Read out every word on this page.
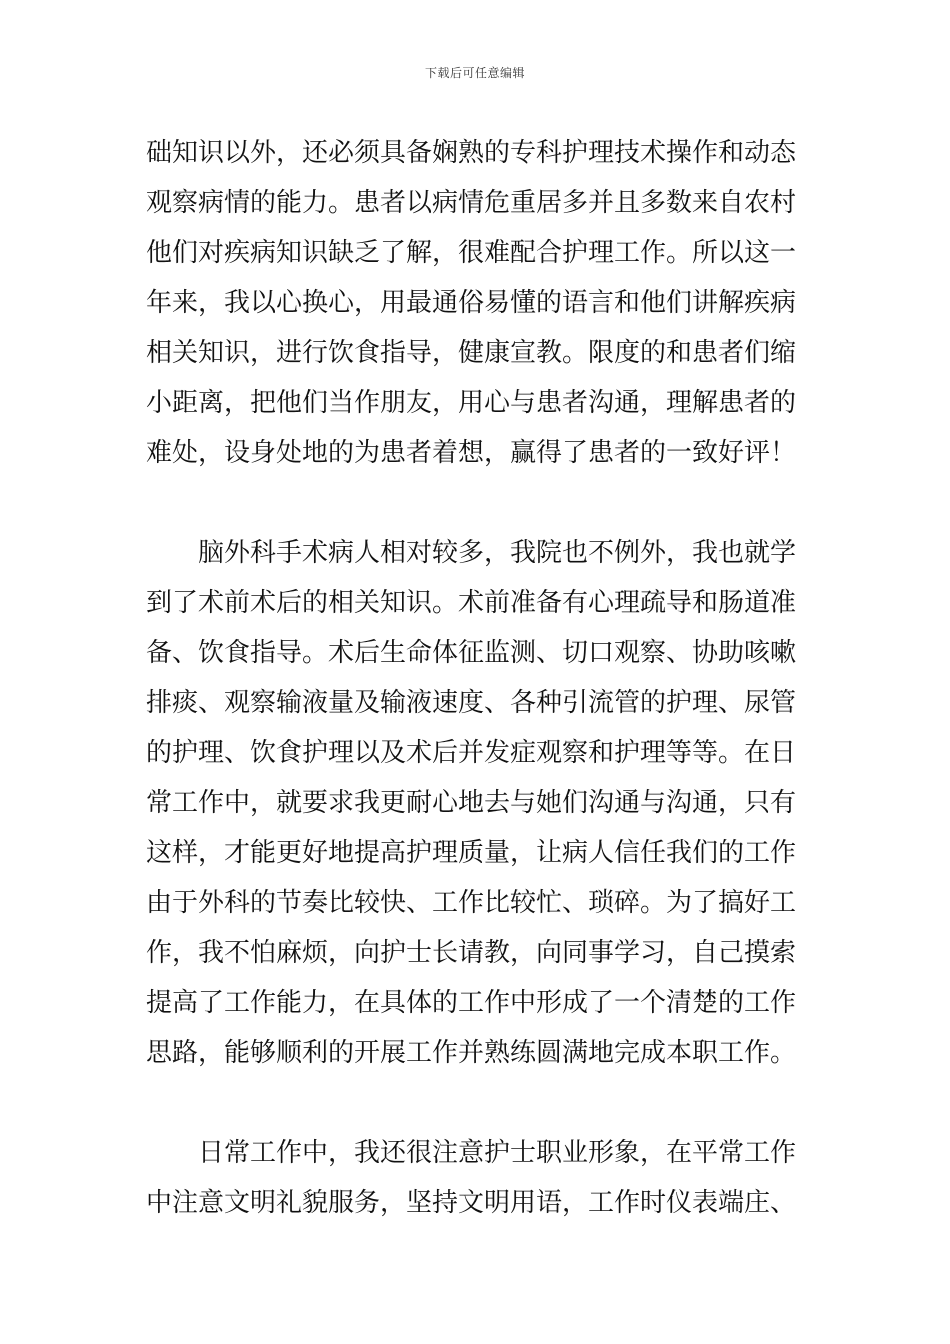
下载后可任意编辑
础知识以外，还必须具备娴熟的专科护理技术操作和动态
观察病情的能力。患者以病情危重居多并且多数来自农村
他们对疾病知识缺乏了解，很难配合护理工作。所以这一
年来，我以心换心，用最通俗易懂的语言和他们讲解疾病
相关知识，进行饮食指导，健康宣教。限度的和患者们缩
小距离，把他们当作朋友，用心与患者沟通，理解患者的
难处，设身处地的为患者着想，赢得了患者的一致好评！
脑外科手术病人相对较多，我院也不例外，我也就学
到了术前术后的相关知识。术前准备有心理疏导和肠道准
备、饮食指导。术后生命体征监测、切口观察、协助咳嗽
排痰、观察输液量及输液速度、各种引流管的护理、尿管
的护理、饮食护理以及术后并发症观察和护理等等。在日
常工作中，就要求我更耐心地去与她们沟通与沟通，只有
这样，才能更好地提高护理质量，让病人信任我们的工作
由于外科的节奏比较快、工作比较忙、琐碎。为了搞好工
作，我不怕麻烦，向护士长请教，向同事学习，自己摸索
提高了工作能力，在具体的工作中形成了一个清楚的工作
思路，能够顺利的开展工作并熟练圆满地完成本职工作。
日常工作中，我还很注意护士职业形象，在平常工作
中注意文明礼貌服务，坚持文明用语，工作时仪表端庄、
